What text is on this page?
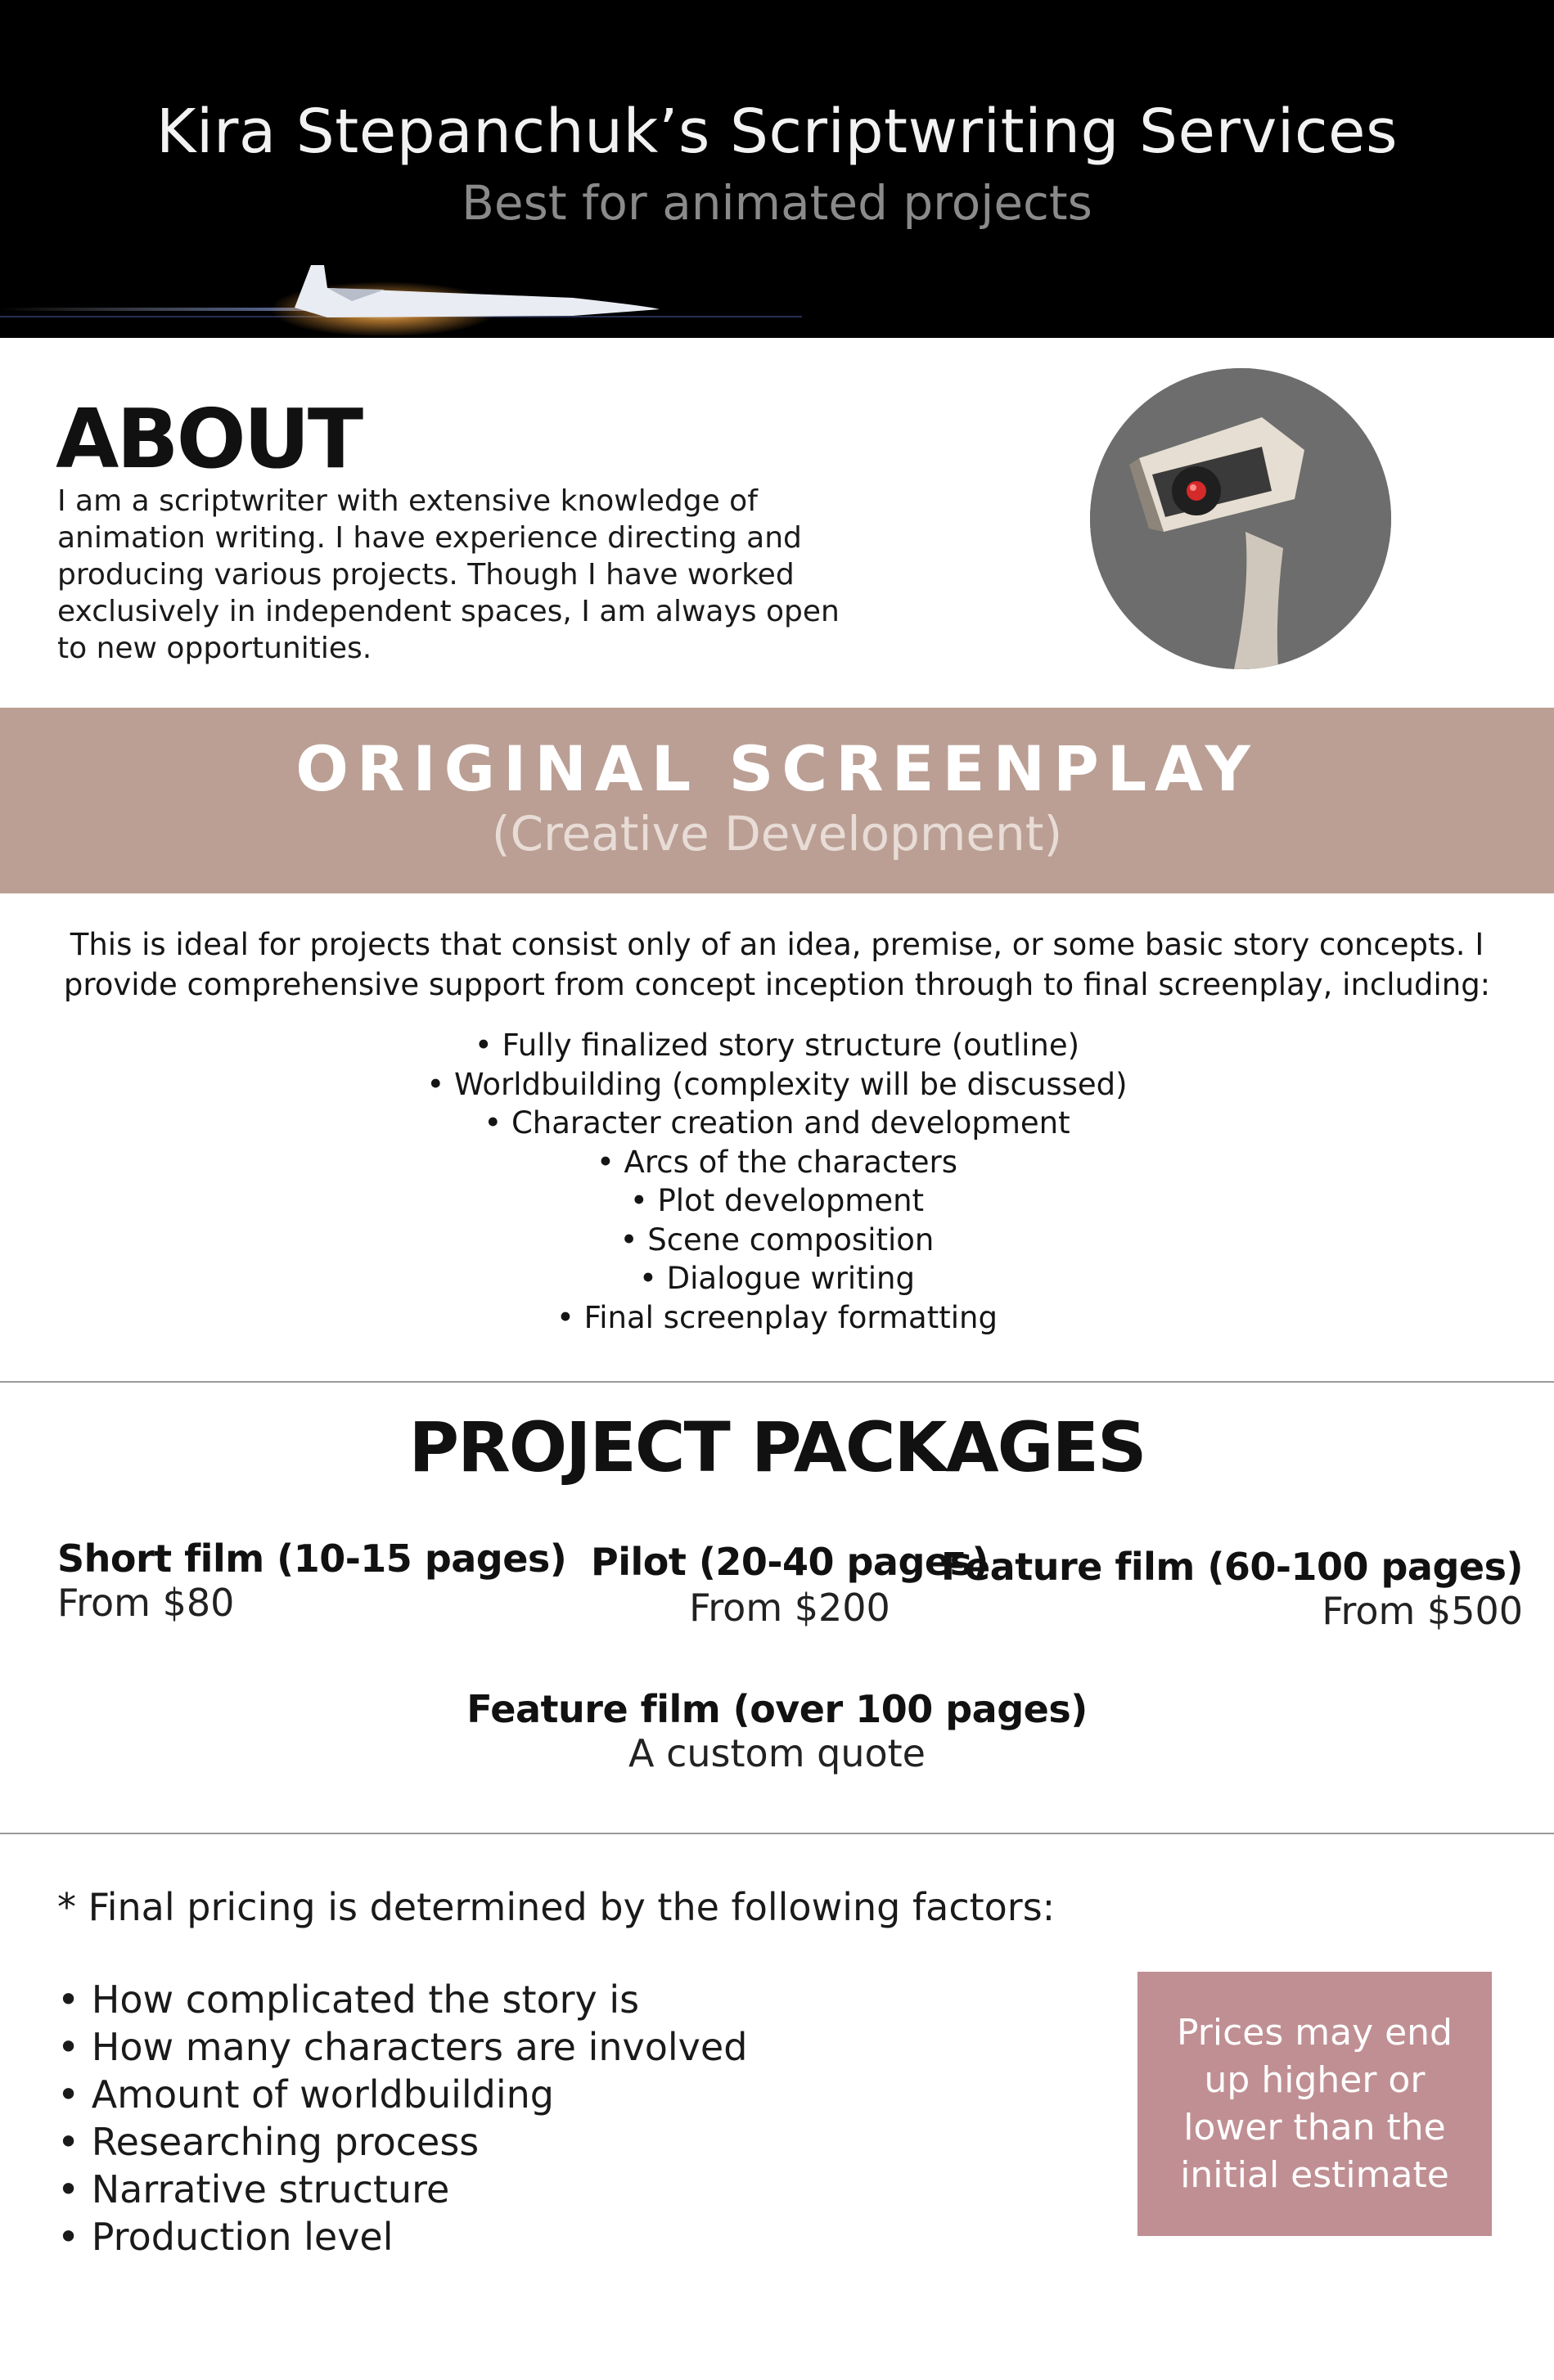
Kira Stepanchuk’s Scriptwriting Services
Best for animated projects
ABOUT
I am a scriptwriter with extensive knowledge of animation writing. I have experience directing and producing various projects. Though I have worked exclusively in independent spaces, I am always open to new opportunities.
ORIGINAL SCREENPLAY
(Creative Development)
This is ideal for projects that consist only of an idea, premise, or some basic story concepts. I provide comprehensive support from concept inception through to final screenplay, including:
• Fully finalized story structure (outline)
• Worldbuilding (complexity will be discussed)
• Character creation and development
• Arcs of the characters
• Plot development
• Scene composition
• Dialogue writing
• Final screenplay formatting
PROJECT PACKAGES
Short film (10-15 pages)
From $80
Pilot (20-40 pages)
From $200
Feature film (60-100 pages)
From $500
Feature film (over 100 pages)
A custom quote
* Final pricing is determined by the following factors:
• How complicated the story is
• How many characters are involved
• Amount of worldbuilding
• Researching process
• Narrative structure
• Production level
Prices may end up higher or lower than the initial estimate
